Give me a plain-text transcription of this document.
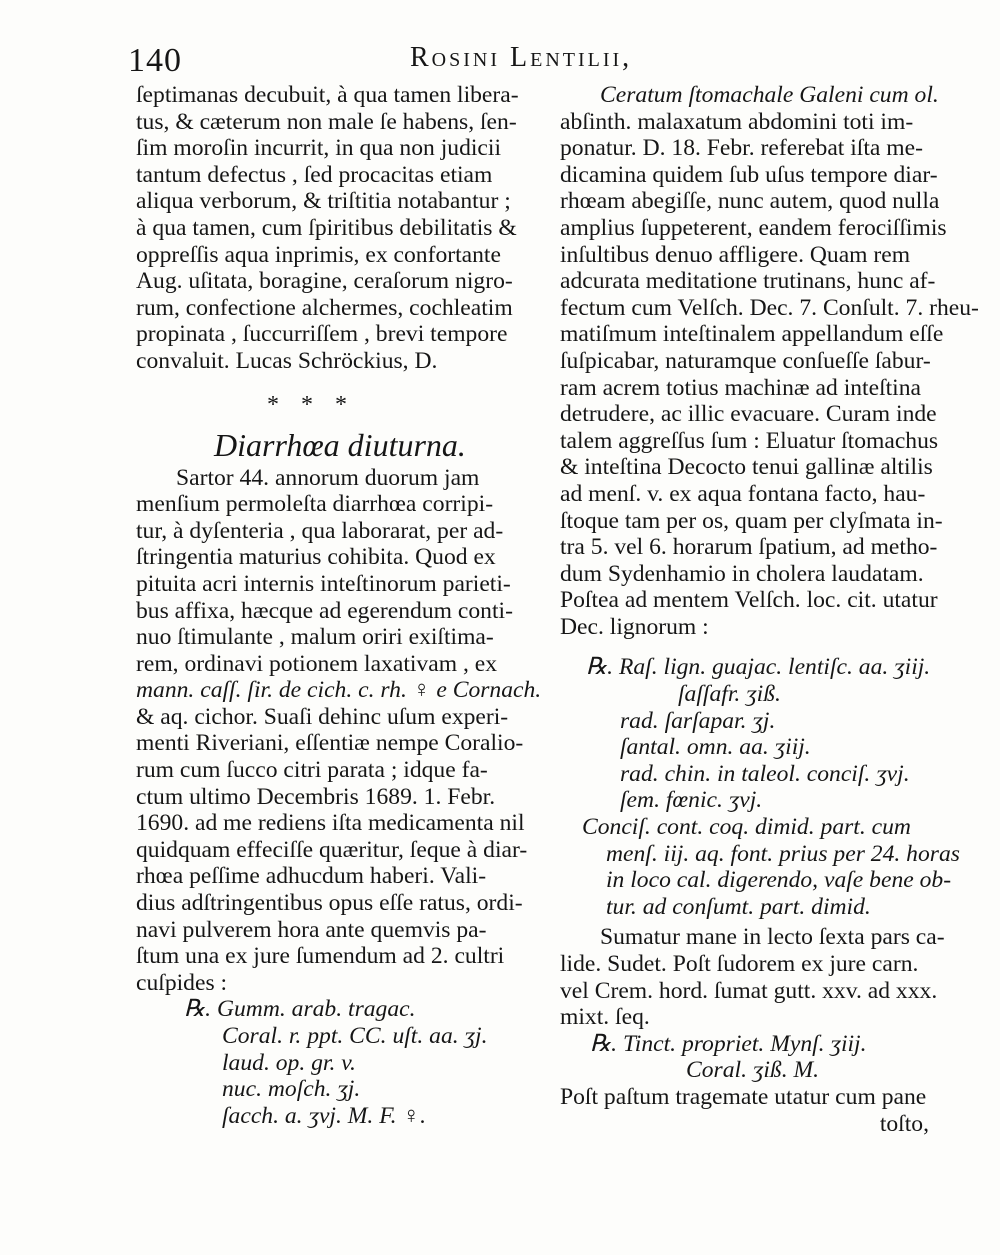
140	Rosini Lentilii,
ſeptimanas decubuit, à qua tamen libera-
tus, & cæterum non male ſe habens, ſen-
ſim moroſin incurrit, in qua non judicii
tantum defectus , ſed procacitas etiam
aliqua verborum, & triſtitia notabantur ;
à qua tamen, cum ſpiritibus debilitatis &
oppreſſis aqua inprimis, ex confortante
Aug. uſitata, boragine, ceraſorum nigro-
rum, confectione alchermes, cochleatim
propinata , ſuccurriſſem , brevi tempore
convaluit. Lucas Schröckius, D.
* * *
Diarrhœa diuturna.
Sartor 44. annorum duorum jam
menſium permoleſta diarrhœa corripi-
tur, à dyſenteria , qua laborarat, per ad-
ſtringentia maturius cohibita. Quod ex
pituita acri internis inteſtinorum parieti-
bus affixa, hæcque ad egerendum conti-
nuo ſtimulante , malum oriri exiſtima-
rem, ordinavi potionem laxativam , ex
mann. caſſ. ſir. de cich. c. rh. ♀ e Cornach.
& aq. cichor. Suaſi dehinc uſum experi-
menti Riveriani, eſſentiæ nempe Coralio-
rum cum ſucco citri parata ; idque fa-
ctum ultimo Decembris 1689. 1. Febr.
1690. ad me rediens iſta medicamenta nil
quidquam effeciſſe quæritur, ſeque à diar-
rhœa peſſime adhucdum haberi. Vali-
dius adſtringentibus opus eſſe ratus, ordi-
navi pulverem hora ante quemvis pa-
ſtum una ex jure ſumendum ad 2. cultri
cuſpides :
℞. Gumm. arab. tragac.
Coral. r. ppt. CC. uſt. aa. ʒj.
laud. op. gr. v.
nuc. moſch. ʒj.
ſacch. a. ʒvj. M. F. ♀.
Ceratum ſtomachale Galeni cum ol.
abſinth. malaxatum abdomini toti im-
ponatur. D. 18. Febr. referebat iſta me-
dicamina quidem ſub uſus tempore diar-
rhœam abegiſſe, nunc autem, quod nulla
amplius ſuppeterent, eandem ferociſſimis
inſultibus denuo affligere. Quam rem
adcurata meditatione trutinans, hunc af-
fectum cum Velſch. Dec. 7. Conſult. 7. rheu-
matiſmum inteſtinalem appellandum eſſe
ſuſpicabar, naturamque conſueſſe ſabur-
ram acrem totius machinæ ad inteſtina
detrudere, ac illic evacuare. Curam inde
talem aggreſſus ſum : Eluatur ſtomachus
& inteſtina Decocto tenui gallinæ altilis
ad menſ. v. ex aqua fontana facto, hau-
ſtoque tam per os, quam per clyſmata in-
tra 5. vel 6. horarum ſpatium, ad metho-
dum Sydenhamio in cholera laudatam.
Poſtea ad mentem Velſch. loc. cit. utatur
Dec. lignorum :
℞. Raſ. lign. guajac. lentiſc. aa. ʒiij.
ſaſſafr. ʒiß.
rad. ſarſapar. ʒj.
ſantal. omn. aa. ʒiij.
rad. chin. in taleol. conciſ. ʒvj.
ſem. fœnic. ʒvj.
Conciſ. cont. coq. dimid. part. cum
menſ. iij. aq. font. prius per 24. horas
in loco cal. digerendo, vaſe bene ob-
tur. ad conſumt. part. dimid.
Sumatur mane in lecto ſexta pars ca-
lide. Sudet. Poſt ſudorem ex jure carn.
vel Crem. hord. ſumat gutt. xxv. ad xxx.
mixt. ſeq.
℞. Tinct. propriet. Mynſ. ʒiij.
Coral. ʒiß. M.
Poſt paſtum tragemate utatur cum pane
toſto,
